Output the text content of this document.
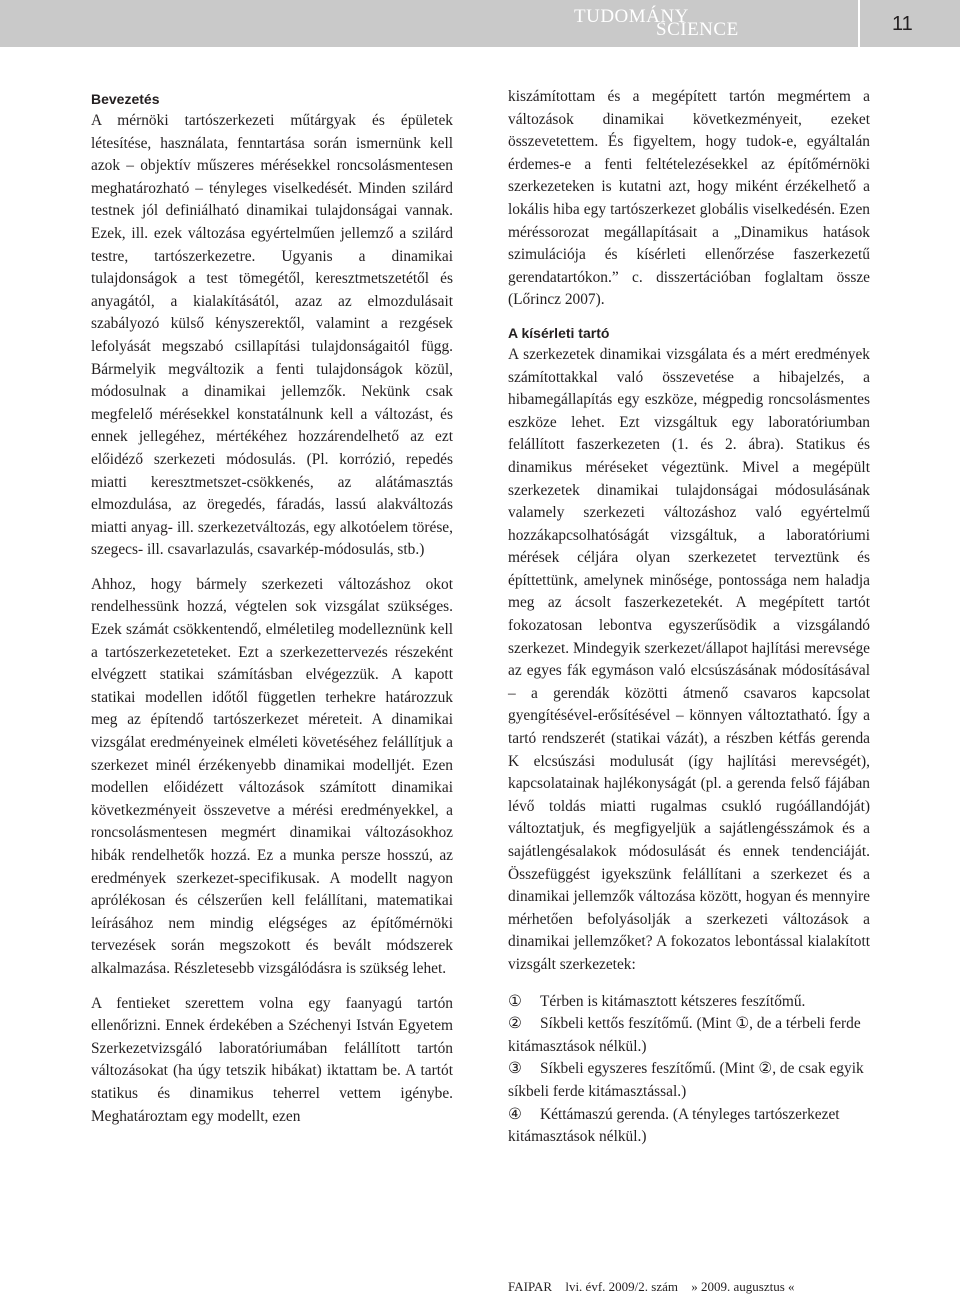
TUDOMÁNY
SCIENCE	11
Bevezetés

A mérnöki tartószerkezeti műtárgyak és épületek létesítése, használata, fenntartása során ismernünk kell azok – objektív műszeres mérésekkel roncsolásmentesen meghatározható – tényleges viselkedését. Minden szilárd testnek jól definiálható dinamikai tulajdonságai vannak. Ezek, ill. ezek változása egyértelműen jellemző a szilárd testre, tartószerkezetre. Ugyanis a dinamikai tulajdonságok a test tömegétől, keresztmetszetétől és anyagától, a kialakításától, azaz az elmozdulásait szabályozó külső kényszerektől, valamint a rezgések lefolyását megszabó csillapítási tulajdonságaitól függ. Bármelyik megváltozik a fenti tulajdonságok közül, módosulnak a dinamikai jellemzők. Nekünk csak megfelelő mérésekkel konstatálnunk kell a változást, és ennek jellegéhez, mértékéhez hozzárendelhető az ezt előidéző szerkezeti módosulás. (Pl. korrózió, repedés miatti keresztmetszet-csökkenés, az alátámasztás elmozdulása, az öregedés, fáradás, lassú alakváltozás miatti anyag- ill. szerkezetváltozás, egy alkotóelem törése, szegecs- ill. csavarlazulás, csavarkép-módosulás, stb.)

Ahhoz, hogy bármely szerkezeti változáshoz okot rendelhessünk hozzá, végtelen sok vizsgálat szükséges. Ezek számát csökkentendő, elméletileg modelleznünk kell a tartószerkezeteteket. Ezt a szerkezettervezés részeként elvégzett statikai számításban elvégezzük. A kapott statikai modellen időtől független terhekre határozzuk meg az építendő tartószerkezet méreteit. A dinamikai vizsgálat eredményeinek elméleti követéséhez felállítjuk a szerkezet minél érzékenyebb dinamikai modelljét. Ezen modellen előidézett változások számított dinamikai következményeit összevetve a mérési eredményekkel, a roncsolásmentesen megmért dinamikai változásokhoz hibák rendelhetők hozzá. Ez a munka persze hosszú, az eredmények szerkezet-specifikusak. A modellt nagyon aprólékosan és célszerűen kell felállítani, matematikai leírásához nem mindig elégséges az építőmérnöki tervezések során megszokott és bevált módszerek alkalmazása. Részletesebb vizsgálódásra is szükség lehet.

A fentieket szerettem volna egy faanyagú tartón ellenőrizni. Ennek érdekében a Széchenyi István Egyetem Szerkezetvizsgáló laboratóriumában felállított tartón változásokat (ha úgy tetszik hibákat) iktattam be. A tartót statikus és dinamikus teherrel vettem igénybe. Meghatároztam egy modellt, ezen

kiszámítottam és a megépített tartón megmértem a változások dinamikai következményeit, ezeket összevetettem. És figyeltem, hogy tudok-e, egyáltalán érdemes-e a fenti feltételezésekkel az építőmérnöki szerkezeteken is kutatni azt, hogy miként érzékelhető a lokális hiba egy tartószerkezet globális viselkedésén. Ezen méréssorozat megállapításait a „Dinamikus hatások szimulációja és kísérleti ellenőrzése faszerkezetű gerendatartókon.” c. disszertációban foglaltam össze (Lőrincz 2007).

A kísérleti tartó

A szerkezetek dinamikai vizsgálata és a mért eredmények számítottakkal való összevetése a hibajelzés, a hibamegállapítás egy eszköze, mégpedig roncsolásmentes eszköze lehet. Ezt vizsgáltuk egy laboratóriumban felállított faszerkezeten (1. és 2. ábra). Statikus és dinamikus méréseket végeztünk. Mivel a megépült szerkezetek dinamikai tulajdonságai módosulásának valamely szerkezeti változáshoz való egyértelmű hozzákapcsolhatóságát vizsgáltuk, a laboratóriumi mérések céljára olyan szerkezetet terveztünk és építtettünk, amelynek minősége, pontossága nem haladja meg az ácsolt faszerkezetekét. A megépített tartót fokozatosan lebontva egyszerűsödik a vizsgálandó szerkezet. Mindegyik szerkezet/állapot hajlítási merevsége az egyes fák egymáson való elcsúszásának módosításával – a gerendák közötti átmenő csavaros kapcsolat gyengítésével-erősítésével – könnyen változtatható. Így a tartó rendszerét (statikai vázát), a részben kétfás gerenda K elcsúszási modulusát (így hajlítási merevségét), kapcsolatainak hajlékonyságát (pl. a gerenda felső fájában lévő toldás miatti rugalmas csukló rugóállandóját) változtatjuk, és megfigyeljük a sajátlengésszámok és a sajátlengésalakok módosulását és ennek tendenciáját. Összefüggést igyekszünk felállítani a szerkezet és a dinamikai jellemzők változása között, hogyan és mennyire mérhetően befolyásolják a szerkezeti változások a dinamikai jellemzőket? A fokozatos lebontással kialakított vizsgált szerkezetek:

① Térben is kitámasztott kétszeres feszítőmű.
② Síkbeli kettős feszítőmű. (Mint ①, de a térbeli ferde kitámasztások nélkül.)
③ Síkbeli egyszeres feszítőmű. (Mint ②, de csak egyik síkbeli ferde kitámasztással.)
④ Kéttámaszú gerenda. (A tényleges tartószerkezet kitámasztások nélkül.)
FAIPAR lvi. évf. 2009/2. szám » 2009. augusztus «
